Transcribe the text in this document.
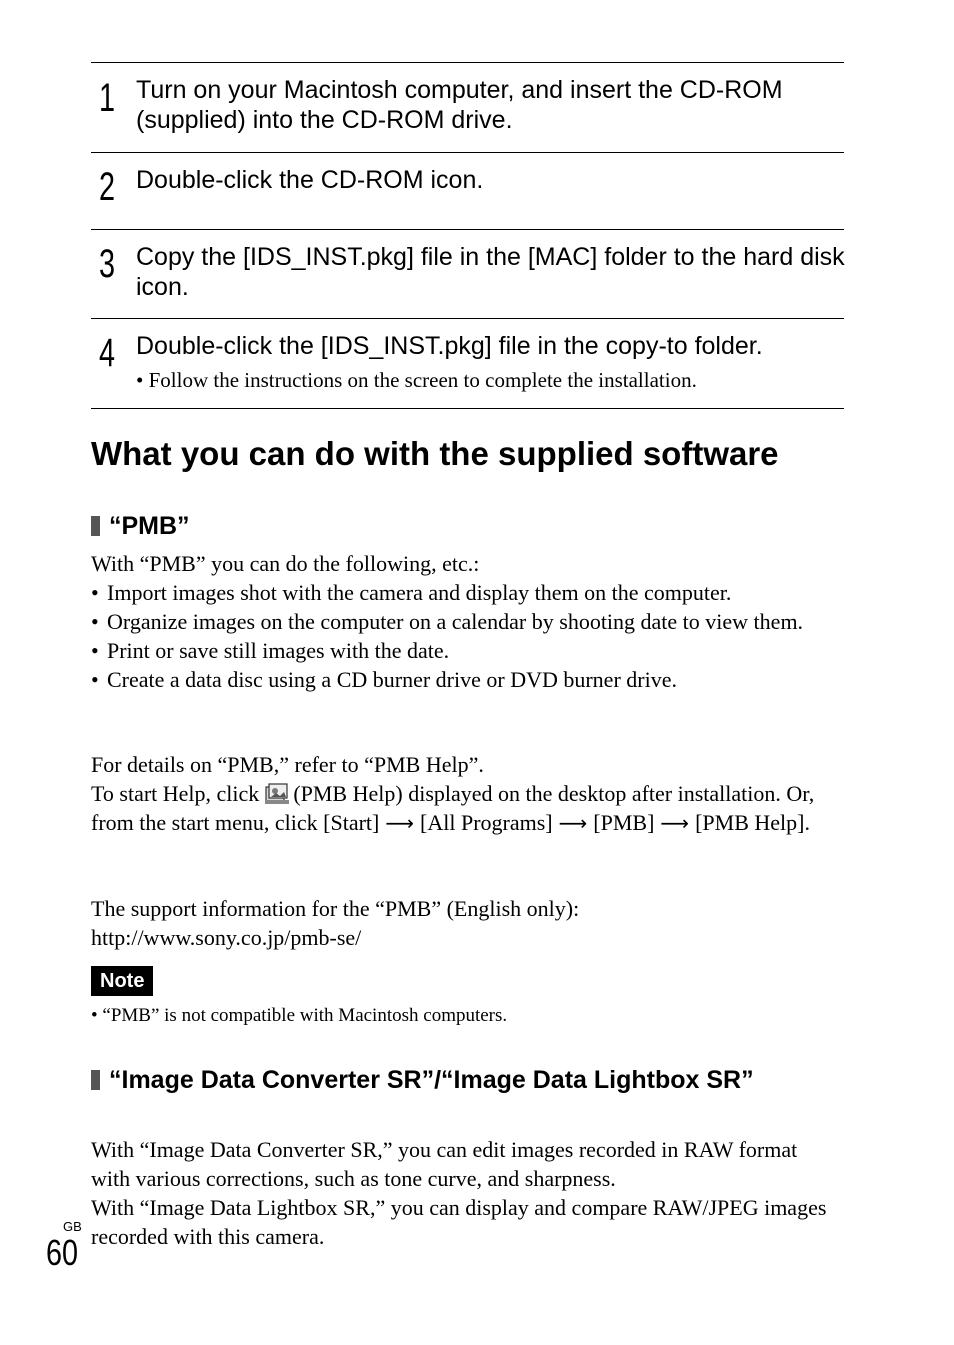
1 Turn on your Macintosh computer, and insert the CD-ROM (supplied) into the CD-ROM drive.
2 Double-click the CD-ROM icon.
3 Copy the [IDS_INST.pkg] file in the [MAC] folder to the hard disk icon.
4 Double-click the [IDS_INST.pkg] file in the copy-to folder.
• Follow the instructions on the screen to complete the installation.
What you can do with the supplied software
“PMB”
With “PMB” you can do the following, etc.:
• Import images shot with the camera and display them on the computer.
• Organize images on the computer on a calendar by shooting date to view them.
• Print or save still images with the date.
• Create a data disc using a CD burner drive or DVD burner drive.
For details on “PMB,” refer to “PMB Help”.
To start Help, click (PMB Help) displayed on the desktop after installation. Or, from the start menu, click [Start] ⟶ [All Programs] ⟶ [PMB] ⟶ [PMB Help].
The support information for the “PMB” (English only):
http://www.sony.co.jp/pmb-se/
Note
• “PMB” is not compatible with Macintosh computers.
“Image Data Converter SR”/“Image Data Lightbox SR”
With “Image Data Converter SR,” you can edit images recorded in RAW format with various corrections, such as tone curve, and sharpness.
With “Image Data Lightbox SR,” you can display and compare RAW/JPEG images recorded with this camera.
GB
60
